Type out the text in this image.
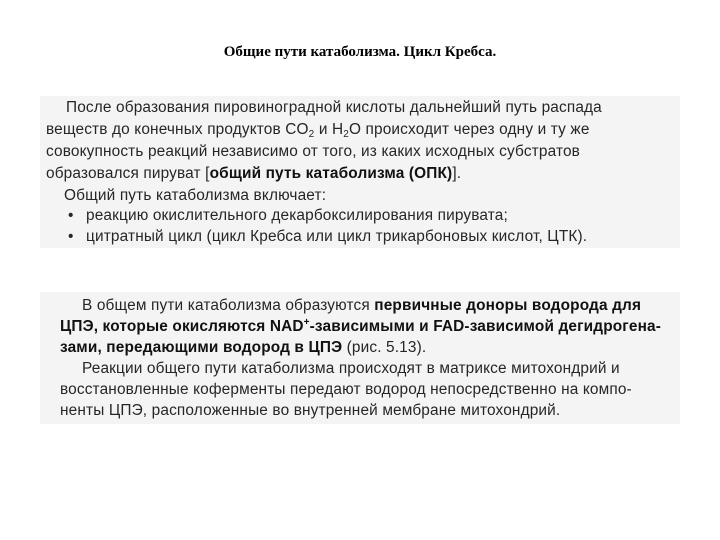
Общие пути катаболизма. Цикл Кребса.
После образования пировиноградной кислоты дальнейший путь распада
веществ до конечных продуктов $CO_2$ и $H_2O$ происходит через одну и ту же
совокупность реакций независимо от того, из каких исходных субстратов
образовался пируват [общий путь катаболизма (ОПК)].
Общий путь катаболизма включает:
• реакцию окислительного декарбоксилирования пирувата;
• цитратный цикл (цикл Кребса или цикл трикарбоновых кислот, ЦТК).
В общем пути катаболизма образуются первичные доноры водорода для
ЦПЭ, которые окисляются NAD+-зависимыми и FAD-зависимой дегидрогена-
зами, передающими водород в ЦПЭ (рис. 5.13).
Реакции общего пути катаболизма происходят в матриксе митохондрий и
восстановленные коферменты передают водород непосредственно на компо-
ненты ЦПЭ, расположенные во внутренней мембране митохондрий.
